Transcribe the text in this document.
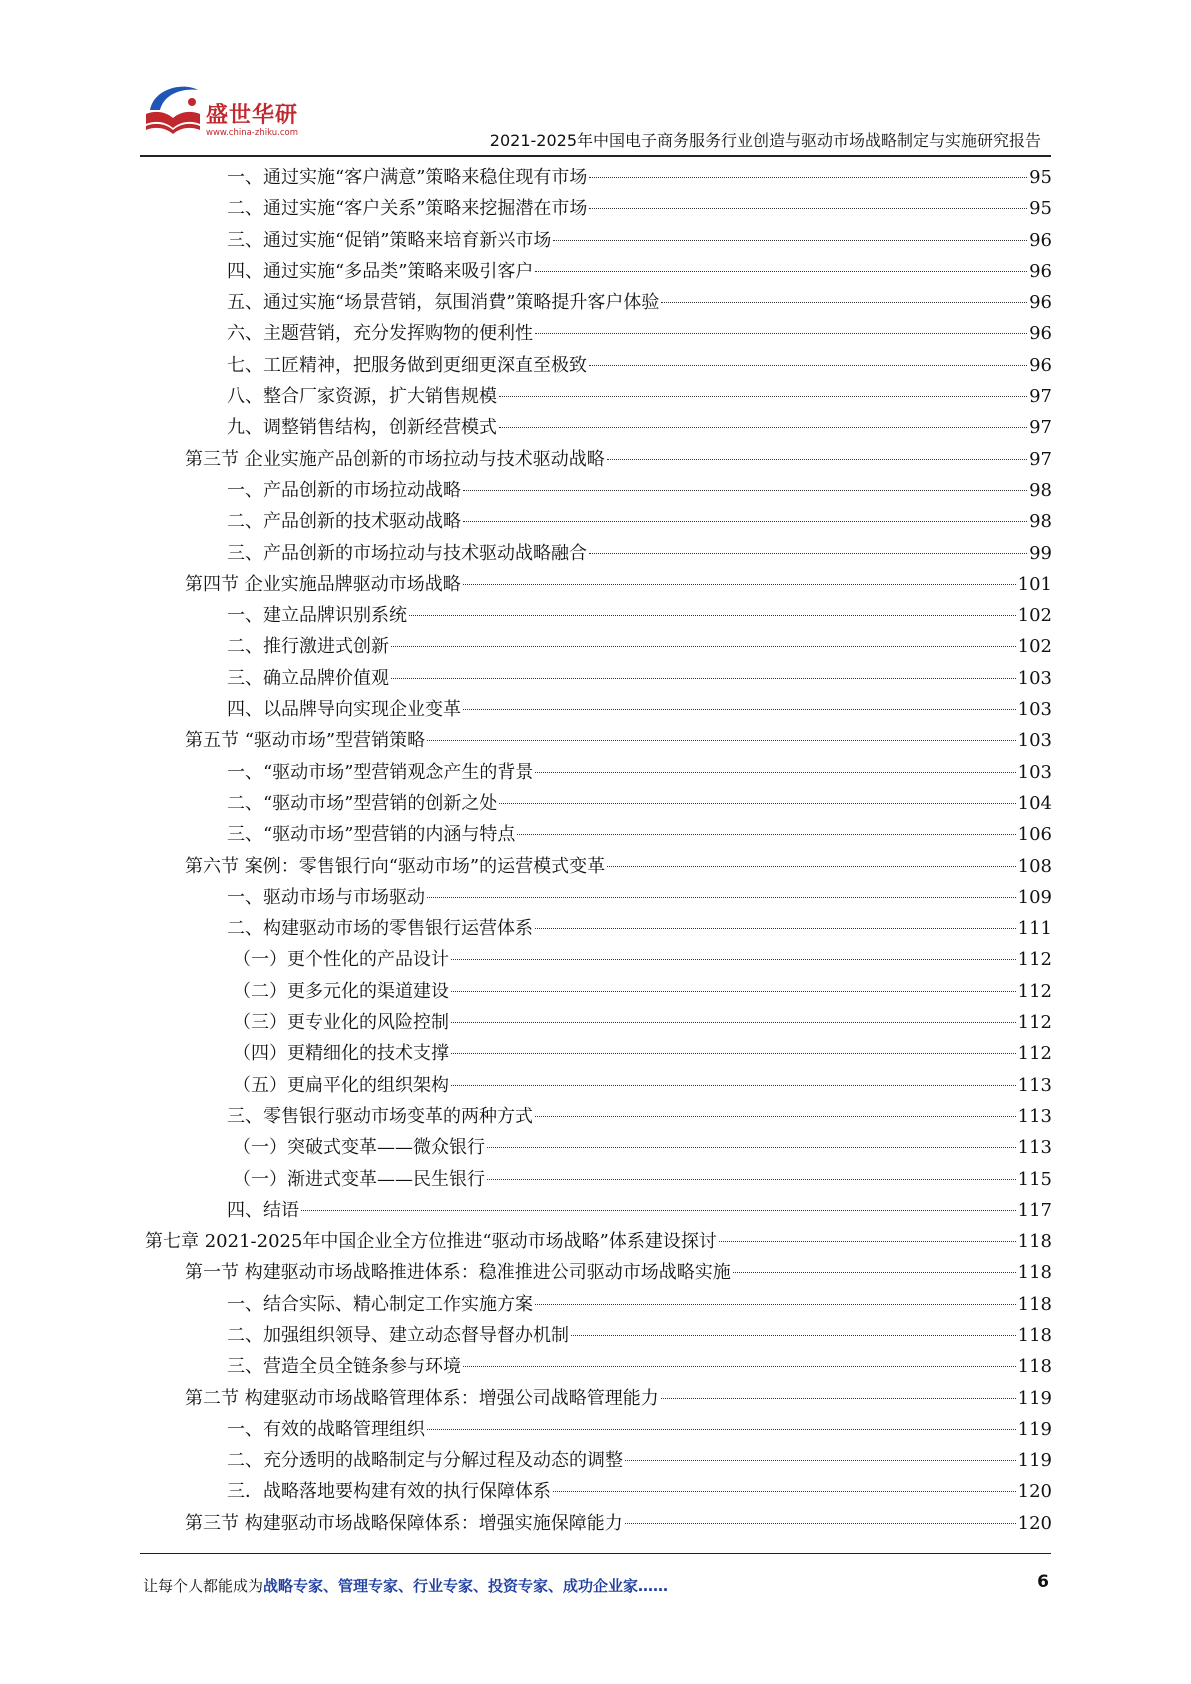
盛世华研
www.china-zhiku.com	2021-2025年中国电子商务服务行业创造与驱动市场战略制定与实施研究报告
一、通过实施“客户满意”策略来稳住现有市场	95
二、通过实施“客户关系”策略来挖掘潜在市场	95
三、通过实施“促销”策略来培育新兴市场	96
四、通过实施“多品类”策略来吸引客户	96
五、通过实施“场景营销，氛围消費”策略提升客户体验	96
六、主题营销，充分发挥购物的便利性	96
七、工匠精神，把服务做到更细更深直至极致	96
八、整合厂家资源，扩大销售规模	97
九、调整销售结构，创新经营模式	97
第三节 企业实施产品创新的市场拉动与技术驱动战略	97
一、产品创新的市场拉动战略	98
二、产品创新的技术驱动战略	98
三、产品创新的市场拉动与技术驱动战略融合	99
第四节 企业实施品牌驱动市场战略	101
一、建立品牌识别系统	102
二、推行激进式创新	102
三、确立品牌价值观	103
四、以品牌导向实现企业变革	103
第五节 “驱动市场”型营销策略	103
一、“驱动市场”型营销观念产生的背景	103
二、“驱动市场”型营销的创新之处	104
三、“驱动市场”型营销的内涵与特点	106
第六节 案例：零售银行向“驱动市场”的运营模式变革	108
一、驱动市场与市场驱动	109
二、构建驱动市场的零售银行运营体系	111
（一）更个性化的产品设计	112
（二）更多元化的渠道建设	112
（三）更专业化的风险控制	112
（四）更精细化的技术支撑	112
（五）更扁平化的组织架构	113
三、零售银行驱动市场变革的两种方式	113
（一）突破式变革——微众银行	113
（一）渐进式变革——民生银行	115
四、结语	117
第七章 2021-2025年中国企业全方位推进“驱动市场战略”体系建设探讨	118
第一节 构建驱动市场战略推进体系：稳准推进公司驱动市场战略实施	118
一、结合实际、精心制定工作实施方案	118
二、加强组织领导、建立动态督导督办机制	118
三、营造全员全链条参与环境	118
第二节 构建驱动市场战略管理体系：增强公司战略管理能力	119
一、有效的战略管理组织	119
二、充分透明的战略制定与分解过程及动态的调整	119
三．战略落地要构建有效的执行保障体系	120
第三节 构建驱动市场战略保障体系：增强实施保障能力	120
让每个人都能成为战略专家、管理专家、行业专家、投资专家、成功企业家……	6
